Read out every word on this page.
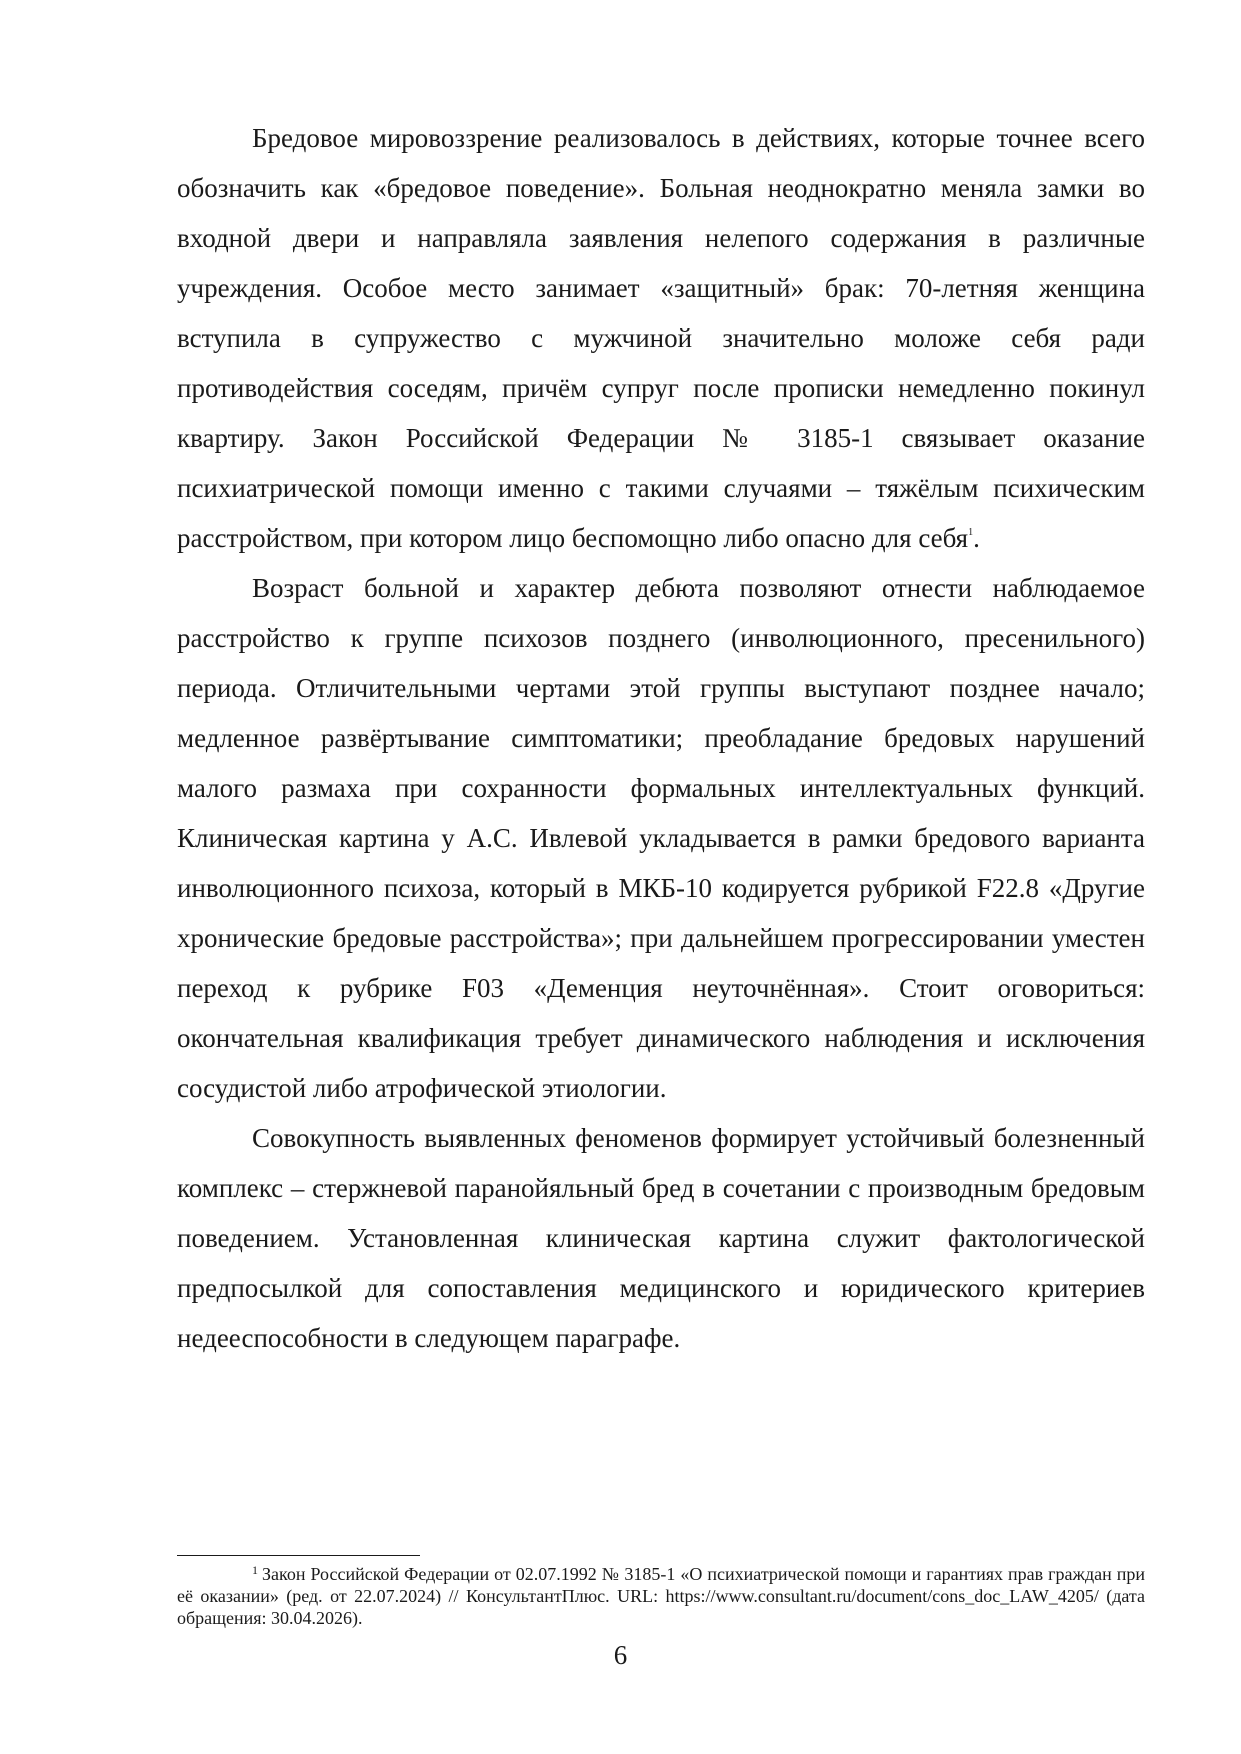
Бредовое мировоззрение реализовалось в действиях, которые точнее всего обозначить как «бредовое поведение». Больная неоднократно меняла замки во входной двери и направляла заявления нелепого содержания в различные учреждения. Особое место занимает «защитный» брак: 70-летняя женщина вступила в супружество с мужчиной значительно моложе себя ради противодействия соседям, причём супруг после прописки немедленно покинул квартиру. Закон Российской Федерации № 3185-1 связывает оказание психиатрической помощи именно с такими случаями – тяжёлым психическим расстройством, при котором лицо беспомощно либо опасно для себя$^1$.

Возраст больной и характер дебюта позволяют отнести наблюдаемое расстройство к группе психозов позднего (инволюционного, пресенильного) периода. Отличительными чертами этой группы выступают позднее начало; медленное развёртывание симптоматики; преобладание бредовых нарушений малого размаха при сохранности формальных интеллектуальных функций. Клиническая картина у А.С. Ивлевой укладывается в рамки бредового варианта инволюционного психоза, который в МКБ-10 кодируется рубрикой F22.8 «Другие хронические бредовые расстройства»; при дальнейшем прогрессировании уместен переход к рубрике F03 «Деменция неуточнённая». Стоит оговориться: окончательная квалификация требует динамического наблюдения и исключения сосудистой либо атрофической этиологии.

Совокупность выявленных феноменов формирует устойчивый болезненный комплекс – стержневой паранойяльный бред в сочетании с производным бредовым поведением. Установленная клиническая картина служит фактологической предпосылкой для сопоставления медицинского и юридического критериев недееспособности в следующем параграфе.

$^1$ Закон Российской Федерации от 02.07.1992 № 3185-1 «О психиатрической помощи и гарантиях прав граждан при её оказании» (ред. от 22.07.2024) // КонсультантПлюс. URL: https://www.consultant.ru/document/cons_doc_LAW_4205/ (дата обращения: 30.04.2026).

6
